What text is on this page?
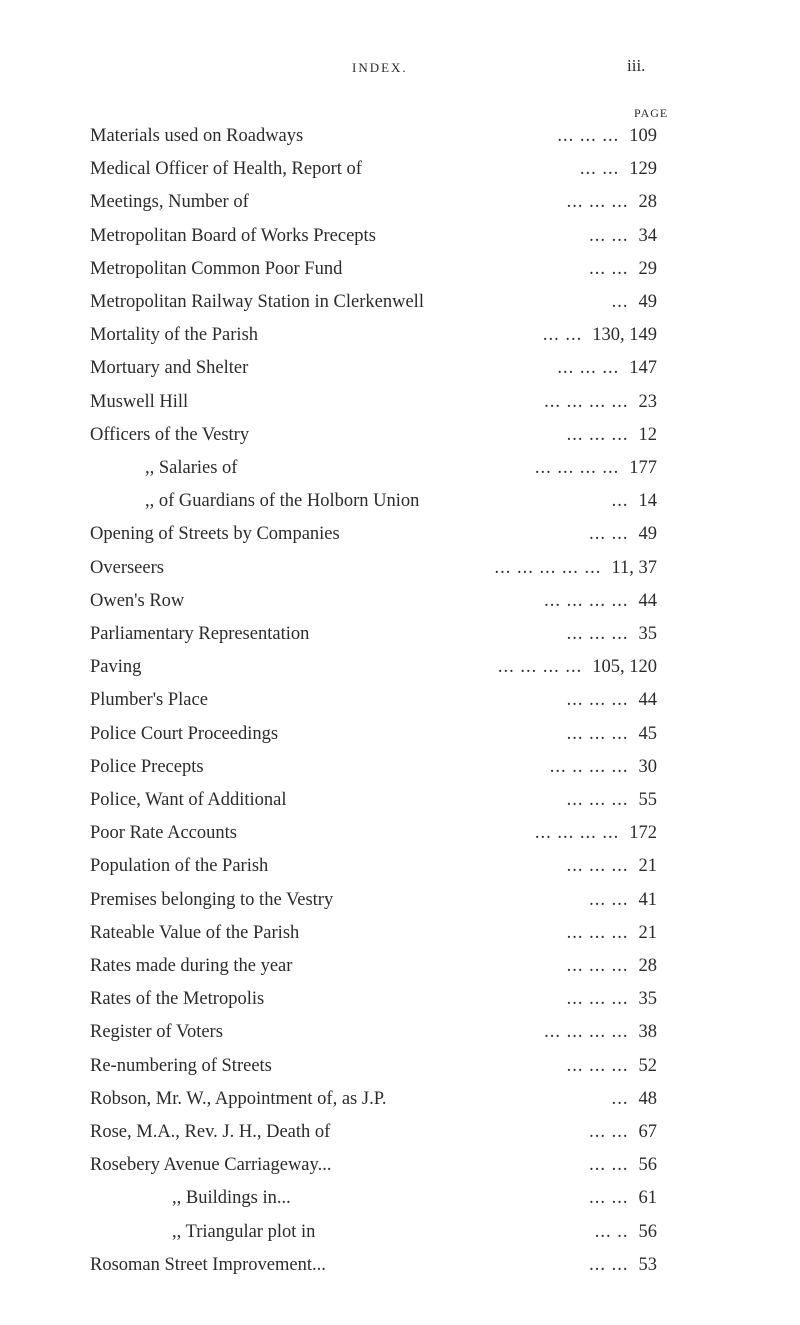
INDEX.	iii.
PAGE
Materials used on Roadways	... ... ... 109
Medical Officer of Health, Report of	... ... 129
Meetings, Number of	... ... ... 28
Metropolitan Board of Works Precepts	... ... 34
Metropolitan Common Poor Fund	... ... 29
Metropolitan Railway Station in Clerkenwell	... 49
Mortality of the Parish	... ... 130, 149
Mortuary and Shelter	... ... ... 147
Muswell Hill	... ... ... ... 23
Officers of the Vestry	... ... ... 12
,, Salaries of	... ... ... ... 177
,, of Guardians of the Holborn Union	... 14
Opening of Streets by Companies	... ... 49
Overseers	... ... ... ... ... 11, 37
Owen's Row	... ... ... ... 44
Parliamentary Representation	... ... ... 35
Paving	... ... ... ... 105, 120
Plumber's Place	... ... ... 44
Police Court Proceedings	... ... ... 45
Police Precepts	... .. ... ... 30
Police, Want of Additional	... ... ... 55
Poor Rate Accounts	... ... ... ... 172
Population of the Parish	... ... ... 21
Premises belonging to the Vestry	... ... 41
Rateable Value of the Parish	... ... ... 21
Rates made during the year	... ... ... 28
Rates of the Metropolis	... ... ... 35
Register of Voters	... ... ... ... 38
Re-numbering of Streets	... ... ... 52
Robson, Mr. W., Appointment of, as J.P.	... 48
Rose, M.A., Rev. J. H., Death of	... ... 67
Rosebery Avenue Carriageway...	... ... 56
,, Buildings in...	... ... 61
,, Triangular plot in	... .. 56
Rosoman Street Improvement...	... ... 53
